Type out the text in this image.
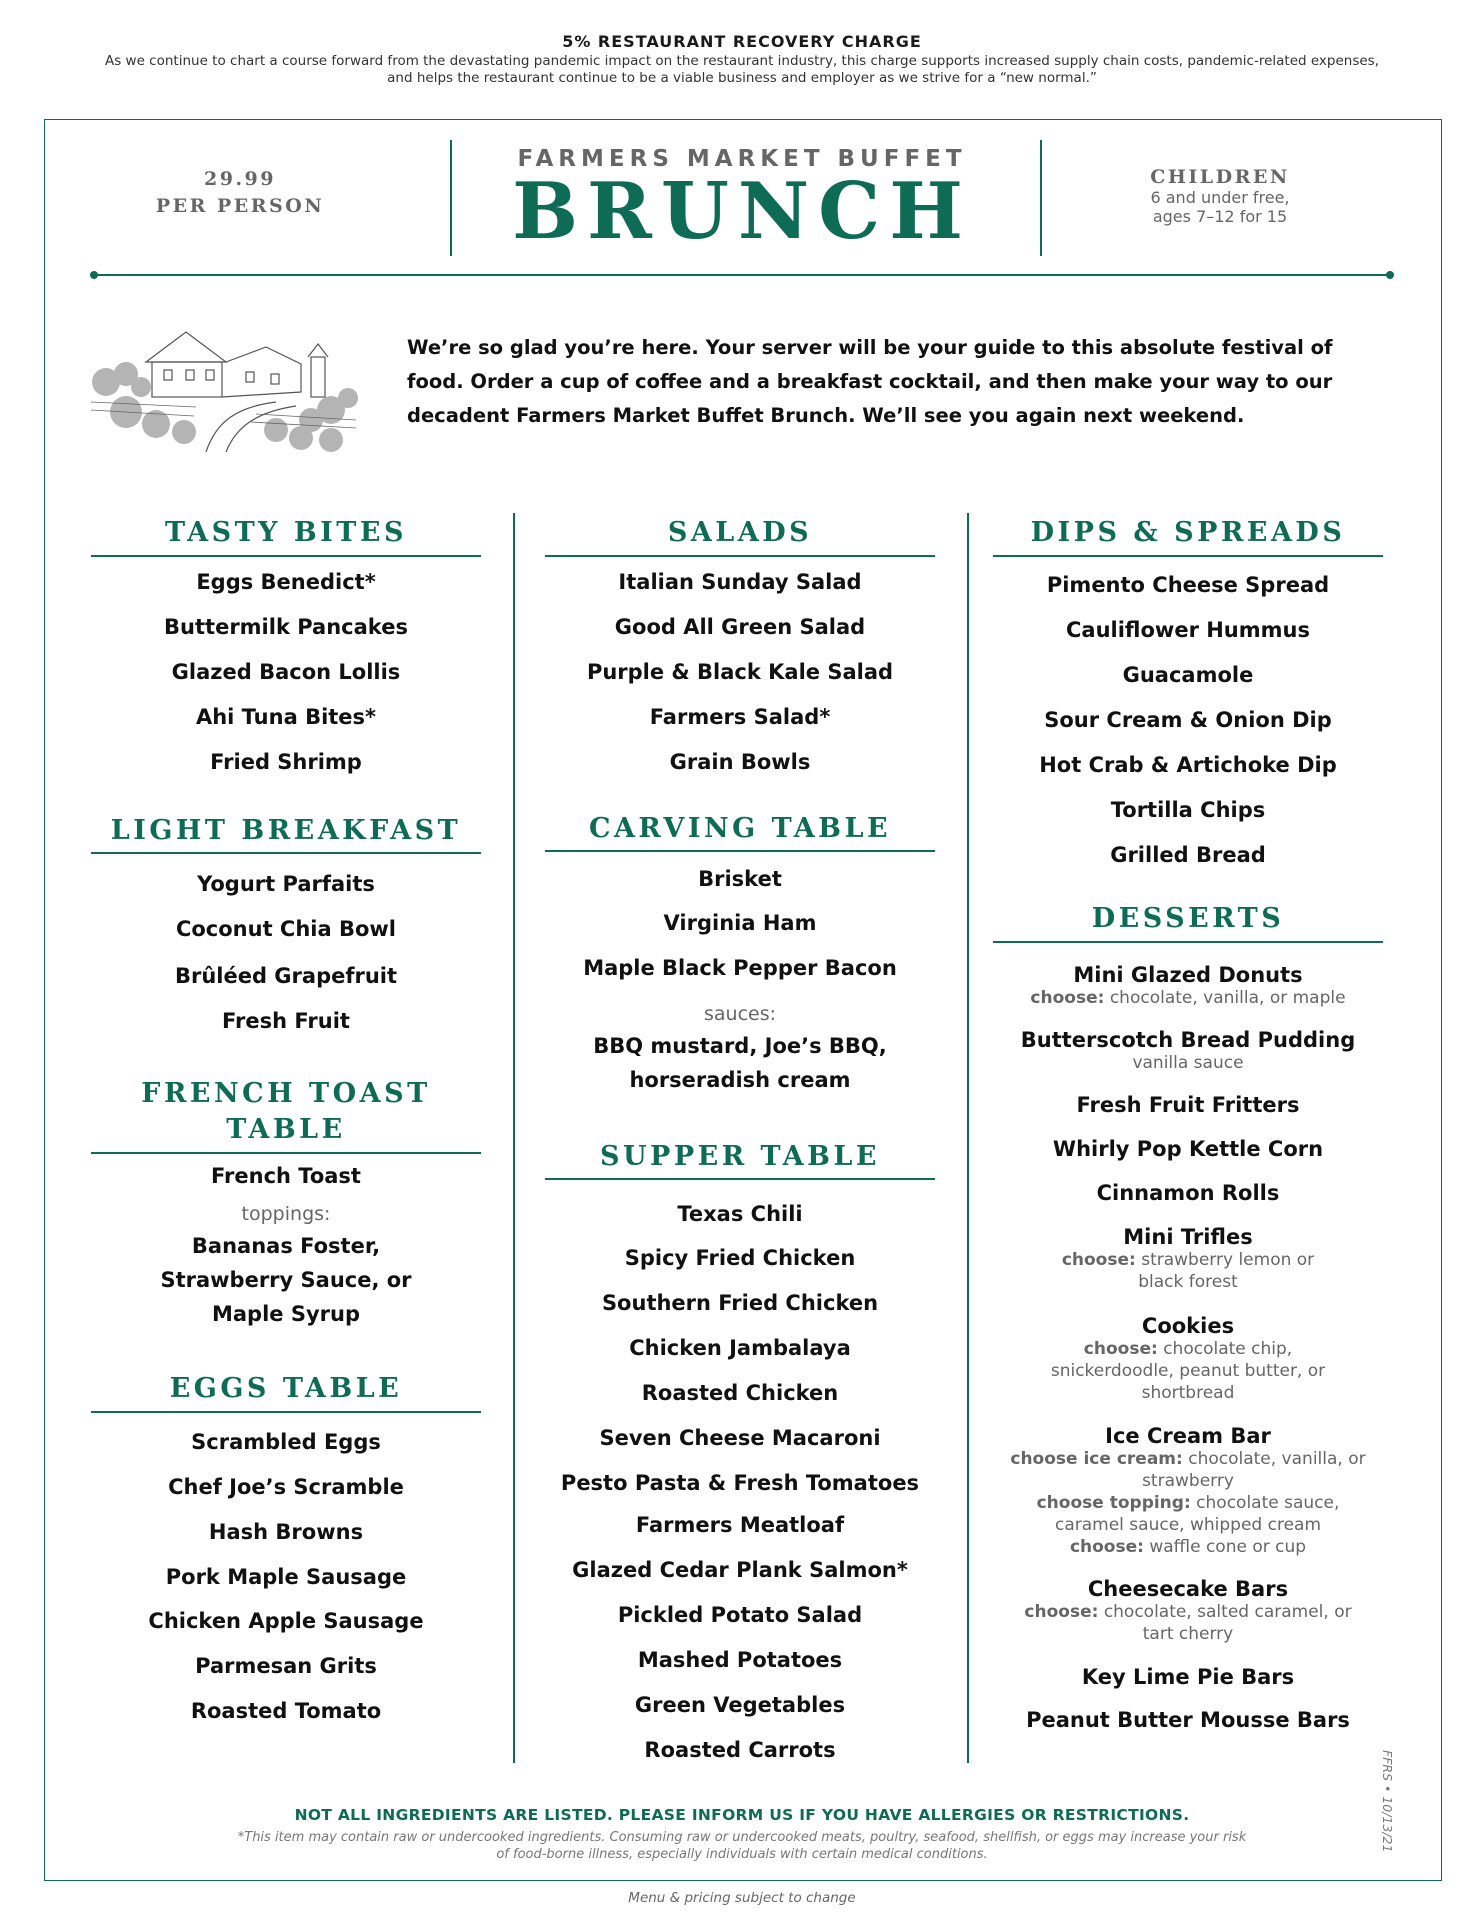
5% RESTAURANT RECOVERY CHARGE
As we continue to chart a course forward from the devastating pandemic impact on the restaurant industry, this charge supports increased supply chain costs, pandemic-related expenses, and helps the restaurant continue to be a viable business and employer as we strive for a “new normal.”
29.99
PER PERSON
FARMERS MARKET BUFFET
BRUNCH	CHILDREN
6 and under free,
ages 7–12 for 15
We’re so glad you’re here. Your server will be your guide to this absolute festival of food. Order a cup of coffee and a breakfast cocktail, and then make your way to our decadent Farmers Market Buffet Brunch. We’ll see you again next weekend.
TASTY BITES
Eggs Benedict*
Buttermilk Pancakes
Glazed Bacon Lollis
Ahi Tuna Bites*
Fried Shrimp
LIGHT BREAKFAST
Yogurt Parfaits
Coconut Chia Bowl
Brûléed Grapefruit
Fresh Fruit
FRENCH TOAST
TABLE
French Toast
toppings:
Bananas Foster,
Strawberry Sauce, or
Maple Syrup
EGGS TABLE
Scrambled Eggs
Chef Joe’s Scramble
Hash Browns
Pork Maple Sausage
Chicken Apple Sausage
Parmesan Grits
Roasted Tomato
SALADS
Italian Sunday Salad
Good All Green Salad
Purple & Black Kale Salad
Farmers Salad*
Grain Bowls
CARVING TABLE
Brisket
Virginia Ham
Maple Black Pepper Bacon
sauces:
BBQ mustard, Joe’s BBQ,
horseradish cream
SUPPER TABLE
Texas Chili
Spicy Fried Chicken
Southern Fried Chicken
Chicken Jambalaya
Roasted Chicken
Seven Cheese Macaroni
Pesto Pasta & Fresh Tomatoes
Farmers Meatloaf
Glazed Cedar Plank Salmon*
Pickled Potato Salad
Mashed Potatoes
Green Vegetables
Roasted Carrots
DIPS & SPREADS
Pimento Cheese Spread
Cauliflower Hummus
Guacamole
Sour Cream & Onion Dip
Hot Crab & Artichoke Dip
Tortilla Chips
Grilled Bread
DESSERTS
Mini Glazed Donuts
choose: chocolate, vanilla, or maple
Butterscotch Bread Pudding
vanilla sauce
Fresh Fruit Fritters
Whirly Pop Kettle Corn
Cinnamon Rolls
Mini Trifles
choose: strawberry lemon or
black forest
Cookies
choose: chocolate chip,
snickerdoodle, peanut butter, or
shortbread
Ice Cream Bar
choose ice cream: chocolate, vanilla, or
strawberry
choose topping: chocolate sauce,
caramel sauce, whipped cream
choose: waffle cone or cup
Cheesecake Bars
choose: chocolate, salted caramel, or
tart cherry
Key Lime Pie Bars
Peanut Butter Mousse Bars
FFRS • 10/13/21
NOT ALL INGREDIENTS ARE LISTED. PLEASE INFORM US IF YOU HAVE ALLERGIES OR RESTRICTIONS.
*This item may contain raw or undercooked ingredients. Consuming raw or undercooked meats, poultry, seafood, shellfish, or eggs may increase your risk
of food-borne illness, especially individuals with certain medical conditions.
Menu & pricing subject to change
